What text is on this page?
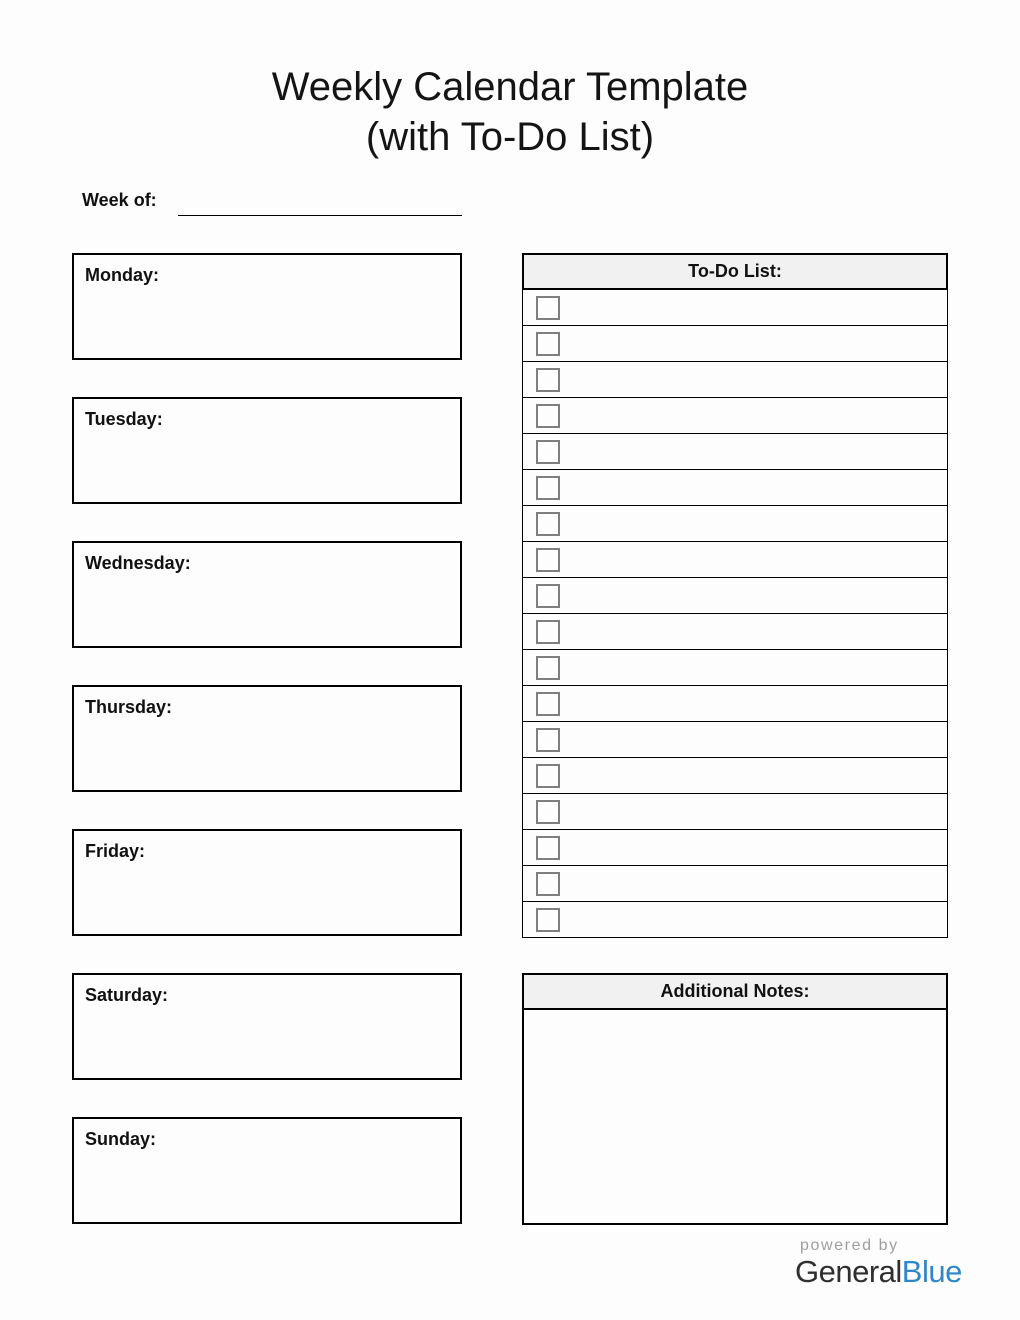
Weekly Calendar Template
(with To-Do List)
Week of:
Monday:
Tuesday:
Wednesday:
Thursday:
Friday:
Saturday:
Sunday:
To-Do List:
Additional Notes:
powered by
GeneralBlue
